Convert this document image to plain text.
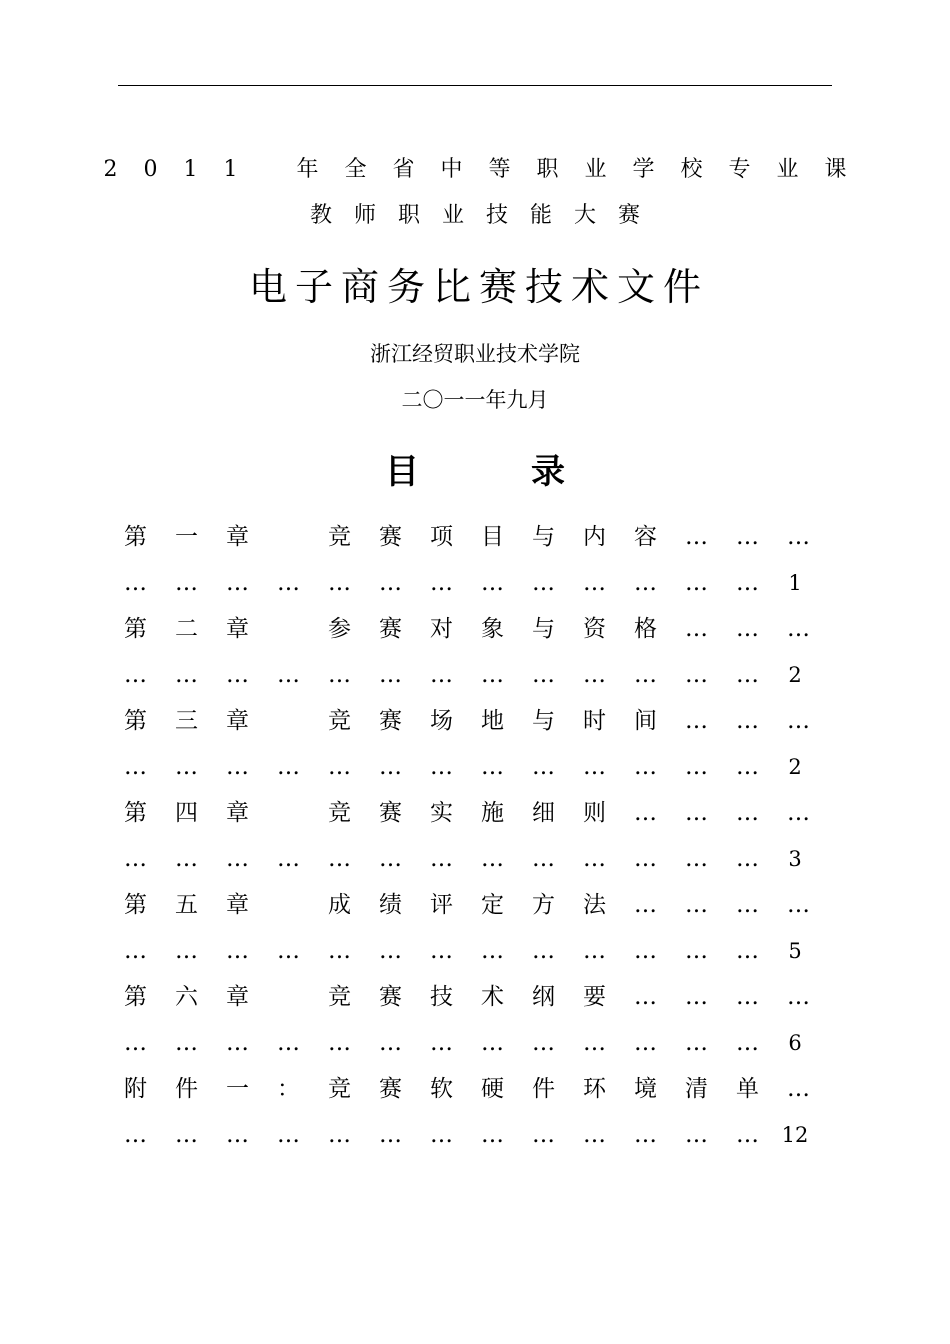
2011 年全省中等职业学校专业课
教师职业技能大赛
电子商务比赛技术文件
浙江经贸职业技术学院
二〇一一年九月
目录
第	一	章	竞	赛	项	目	与	内	容	…	…	…
…	…	…	…	…	…	…	…	…	…	…	…	…	1
第	二	章	参	赛	对	象	与	资	格	…	…	…
…	…	…	…	…	…	…	…	…	…	…	…	…	2
第	三	章	竞	赛	场	地	与	时	间	…	…	…
…	…	…	…	…	…	…	…	…	…	…	…	…	2
第	四	章	竞	赛	实	施	细	则	…	…	…	…
…	…	…	…	…	…	…	…	…	…	…	…	…	3
第	五	章	成	绩	评	定	方	法	…	…	…	…
…	…	…	…	…	…	…	…	…	…	…	…	…	5
第	六	章	竞	赛	技	术	纲	要	…	…	…	…
…	…	…	…	…	…	…	…	…	…	…	…	…	6
附	件	一	：	竞	赛	软	硬	件	环	境	清	单	…
…	…	…	…	…	…	…	…	…	…	…	…	…	12
